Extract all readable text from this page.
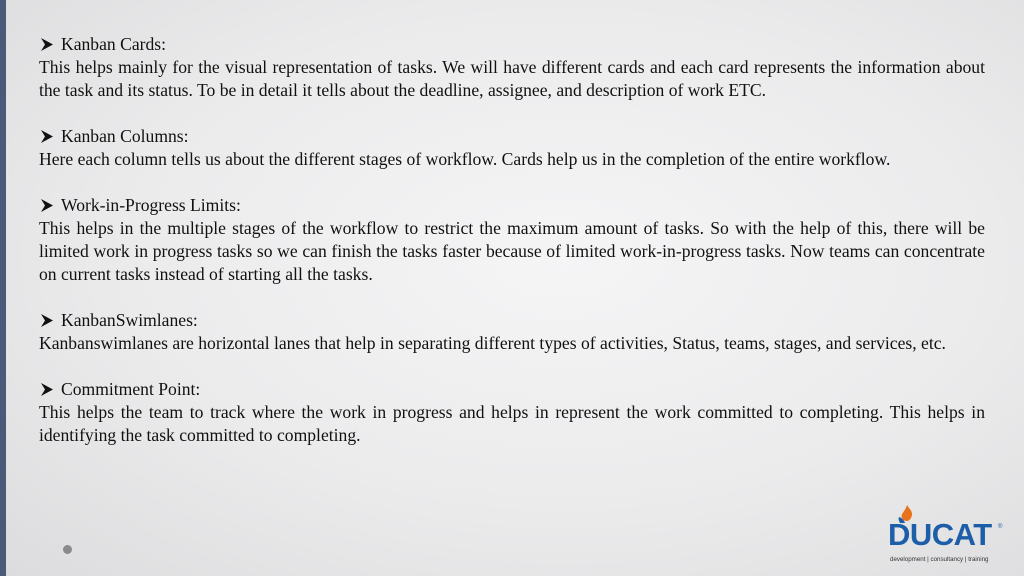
Kanban Cards:
This helps mainly for the visual representation of tasks. We will have different cards and each card represents the information about the task and its status. To be in detail it tells about the deadline, assignee, and description of work ETC.
Kanban Columns:
Here each column tells us about the different stages of workflow. Cards help us in the completion of the entire workflow.
Work-in-Progress Limits:
This helps in the multiple stages of the workflow to restrict the maximum amount of tasks. So with the help of this, there will be limited work in progress tasks so we can finish the tasks faster because of limited work-in-progress tasks. Now teams can concentrate on current tasks instead of starting all the tasks.
KanbanSwimlanes:
Kanbanswimlanes are horizontal lanes that help in separating different types of activities, Status, teams, stages, and services, etc.
Commitment Point:
This helps the team to track where the work in progress and helps in represent the work committed to completing. This helps in identifying the task committed to completing.
DUCAT ®
development | consultancy | training
